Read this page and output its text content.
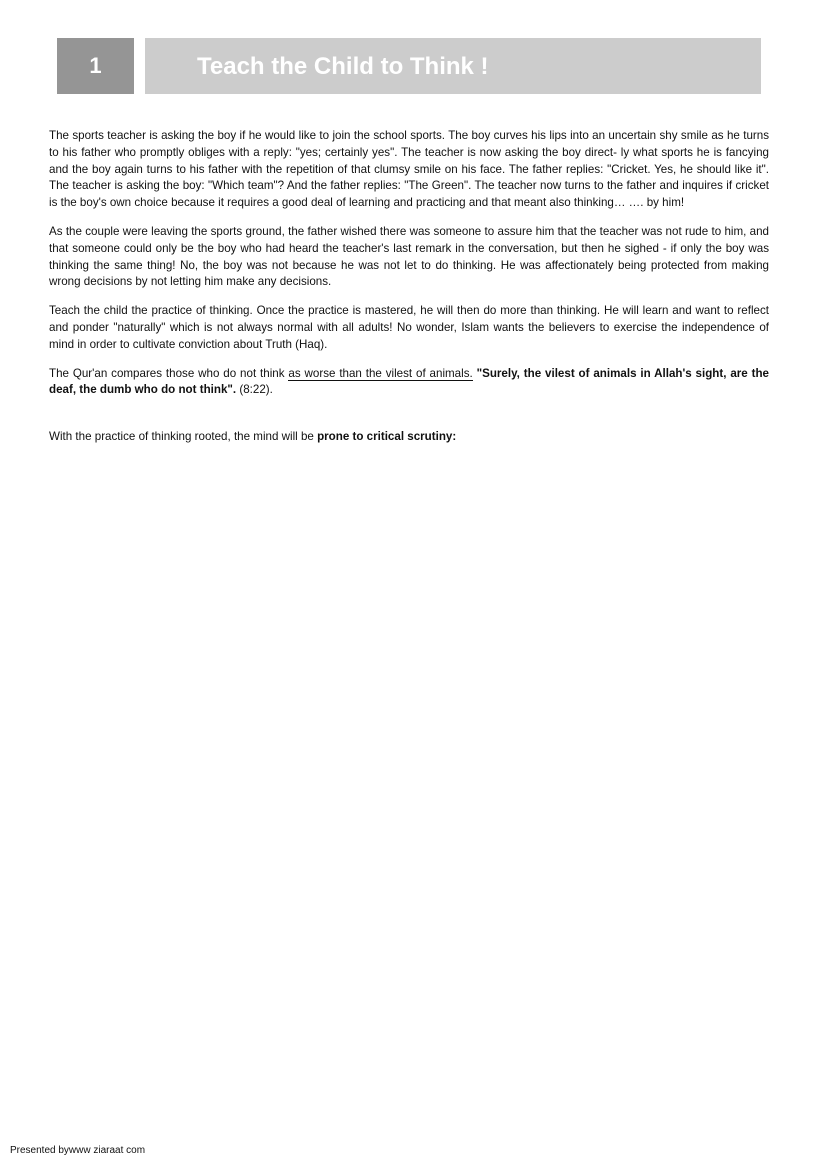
1	Teach the Child to Think !

The sports teacher is asking the boy if he would like to join the school sports. The boy curves his lips into an uncertain shy smile as he turns to his father who promptly obliges with a reply: "yes; certainly yes". The teacher is now asking the boy direct- ly what sports he is fancying and the boy again turns to his father with the repetition of that clumsy smile on his face. The father replies: "Cricket. Yes, he should like it". The teacher is asking the boy: "Which team"? And the father replies: "The Green". The teacher now turns to the father and inquires if cricket is the boy's own choice because it requires a good deal of learning and practicing and that meant also thinking… …. by him!

As the couple were leaving the sports ground, the father wished there was someone to assure him that the teacher was not rude to him, and that someone could only be the boy who had heard the teacher's last remark in the conversation, but then he sighed - if only the boy was thinking the same thing! No, the boy was not because he was not let to do thinking. He was affectionately being protected from making wrong decisions by not letting him make any decisions.

Teach the child the practice of thinking. Once the practice is mastered, he will then do more than thinking. He will learn and want to reflect and ponder "naturally" which is not always normal with all adults! No wonder, Islam wants the believers to exercise the independence of mind in order to cultivate conviction about Truth (Haq).

The Qur'an compares those who do not think as worse than the vilest of animals. "Surely, the vilest of animals in Allah's sight, are the deaf, the dumb who do not think". (8:22).

With the practice of thinking rooted, the mind will be prone to critical scrutiny:

Presented bywww ziaraat com
